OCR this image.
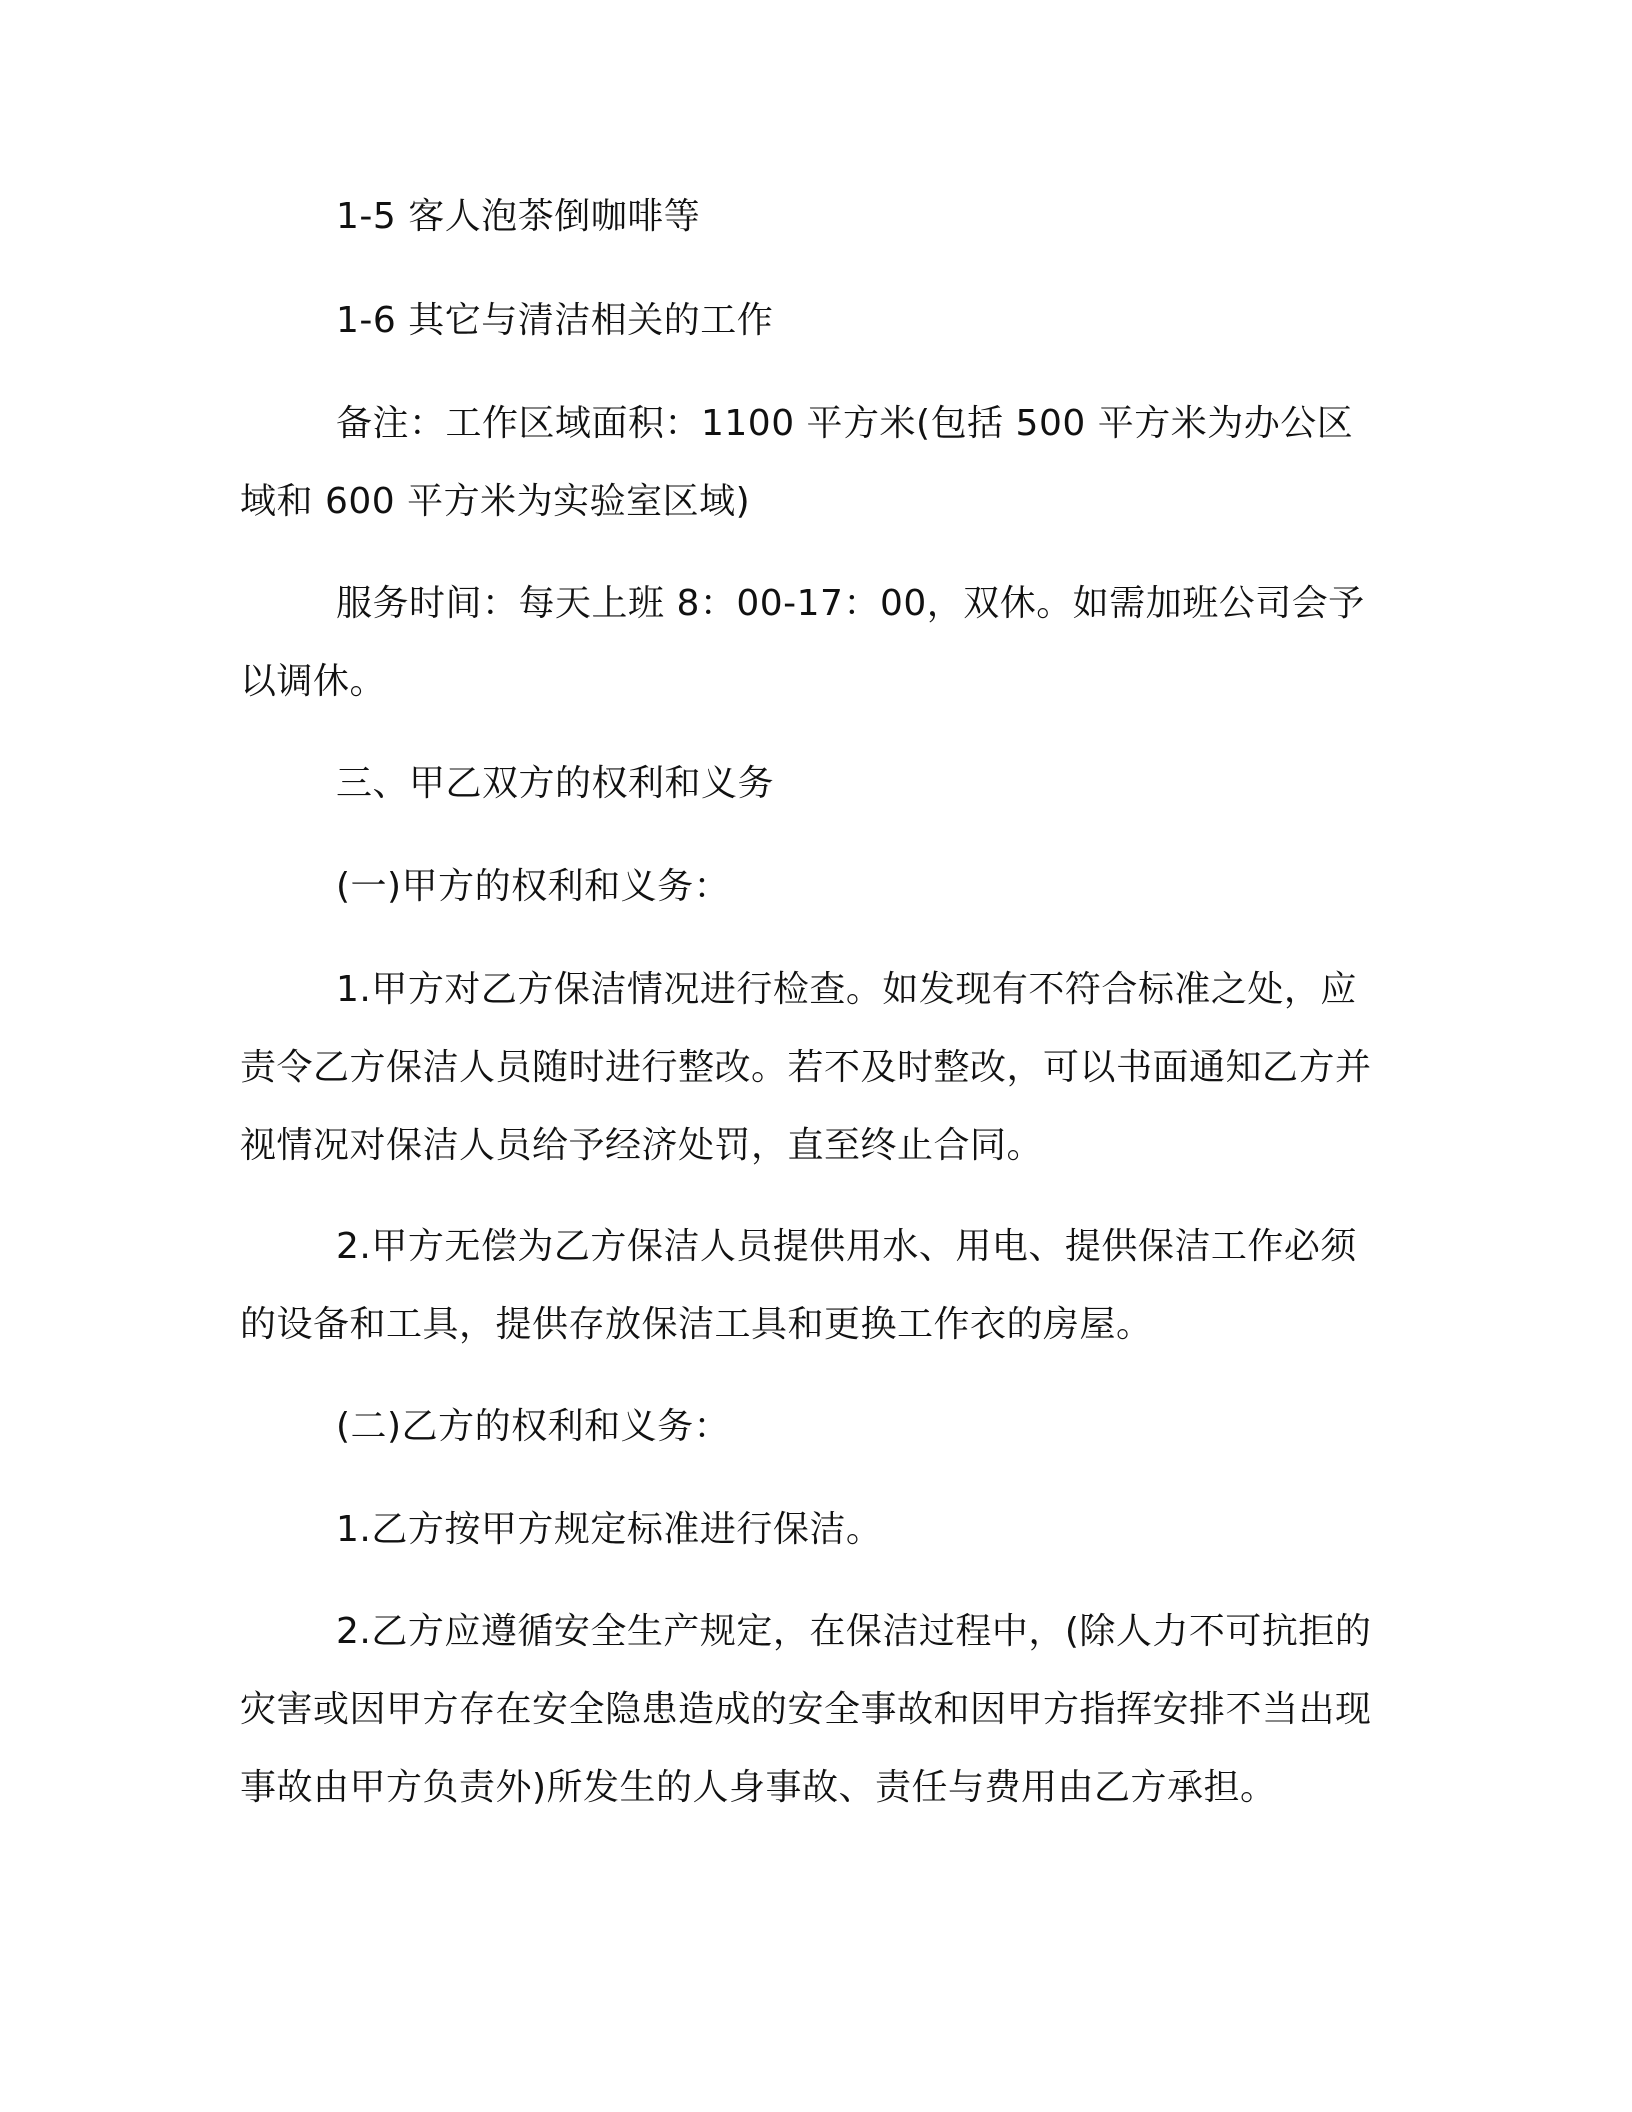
1-5 客人泡茶倒咖啡等

1-6 其它与清洁相关的工作

备注：工作区域面积：1100 平方米(包括 500 平方米为办公区域和 600 平方米为实验室区域)

服务时间：每天上班 8：00-17：00，双休。如需加班公司会予以调休。

三、甲乙双方的权利和义务

(一)甲方的权利和义务：

1.甲方对乙方保洁情况进行检查。如发现有不符合标准之处，应责令乙方保洁人员随时进行整改。若不及时整改，可以书面通知乙方并视情况对保洁人员给予经济处罚，直至终止合同。

2.甲方无偿为乙方保洁人员提供用水、用电、提供保洁工作必须的设备和工具，提供存放保洁工具和更换工作衣的房屋。

(二)乙方的权利和义务：

1.乙方按甲方规定标准进行保洁。

2.乙方应遵循安全生产规定，在保洁过程中，(除人力不可抗拒的灾害或因甲方存在安全隐患造成的安全事故和因甲方指挥安排不当出现事故由甲方负责外)所发生的人身事故、责任与费用由乙方承担。
